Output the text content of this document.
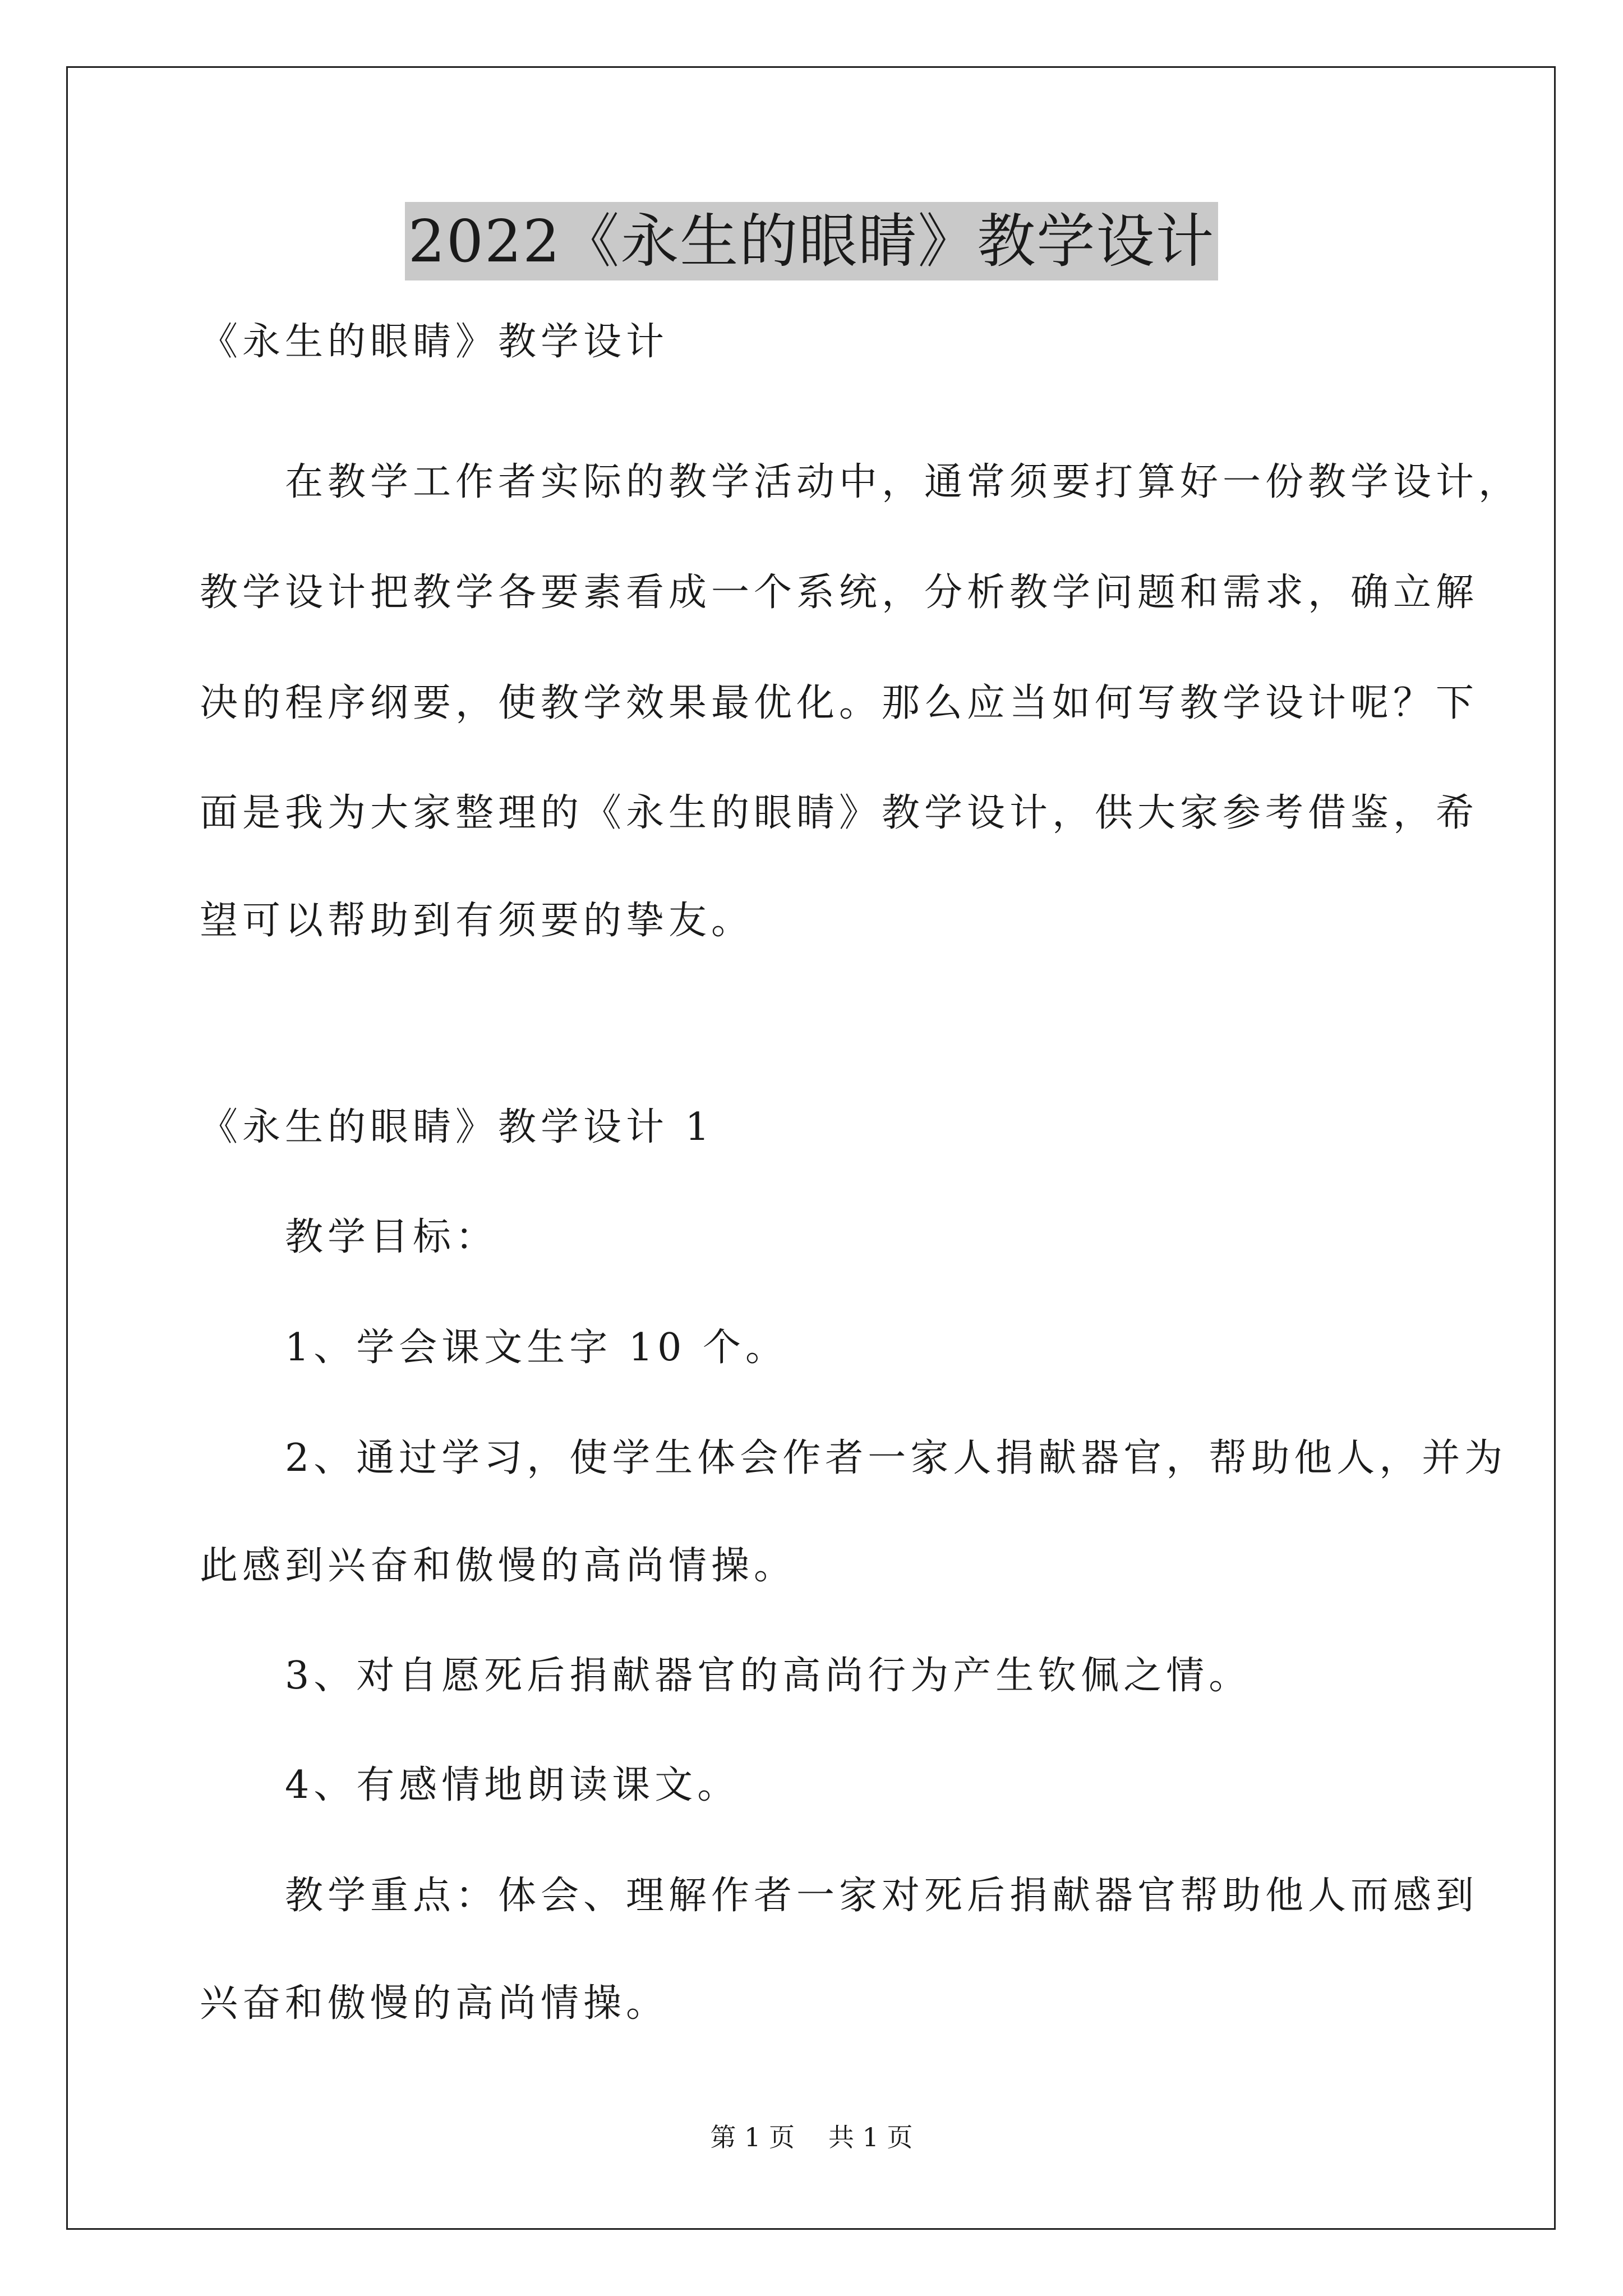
2022《永生的眼睛》教学设计
《永生的眼睛》教学设计
　　在教学工作者实际的教学活动中，通常须要打算好一份教学设计，
教学设计把教学各要素看成一个系统，分析教学问题和需求，确立解
决的程序纲要，使教学效果最优化。那么应当如何写教学设计呢？下
面是我为大家整理的《永生的眼睛》教学设计，供大家参考借鉴，希
望可以帮助到有须要的挚友。
《永生的眼睛》教学设计 1
　　教学目标：
　　1、学会课文生字 10 个。
　　2、通过学习，使学生体会作者一家人捐献器官，帮助他人，并为
此感到兴奋和傲慢的高尚情操。
　　3、对自愿死后捐献器官的高尚行为产生钦佩之情。
　　4、有感情地朗读课文。
　　教学重点：体会、理解作者一家对死后捐献器官帮助他人而感到
兴奋和傲慢的高尚情操。
第 1 页 共 1 页
